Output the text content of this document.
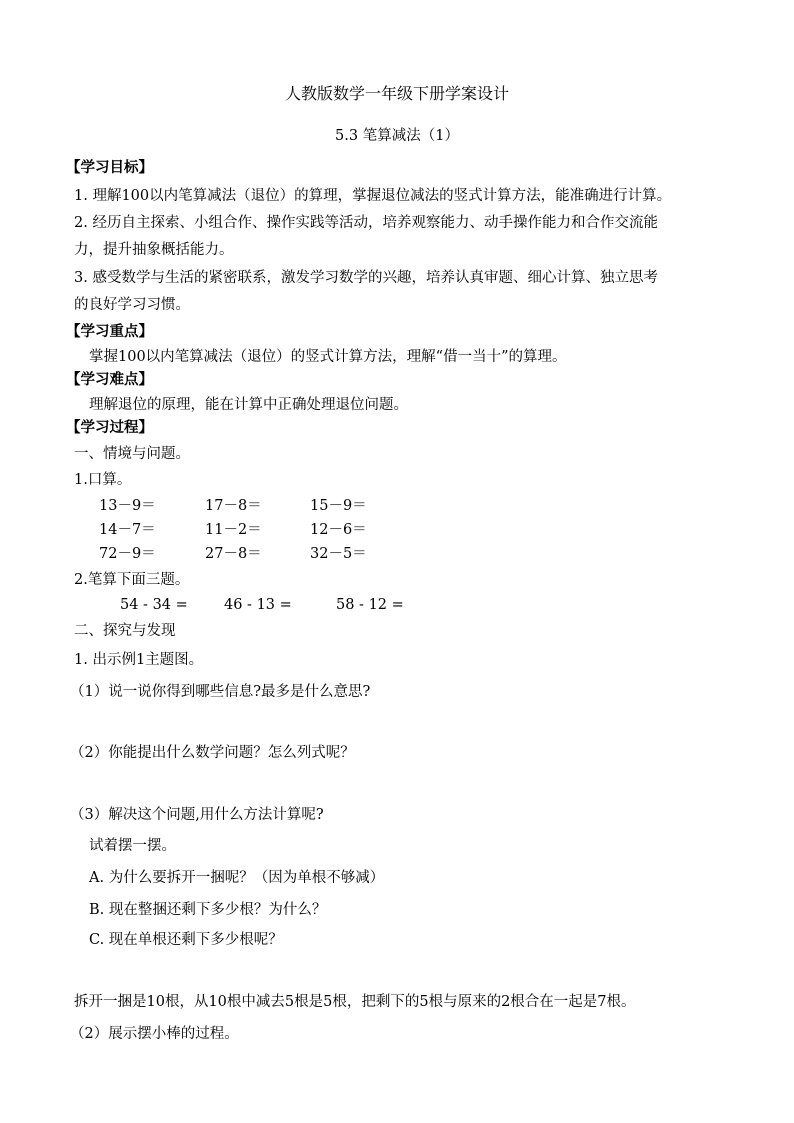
人教版数学一年级下册学案设计
5.3 笔算减法（1）
【学习目标】
1. 理解100以内笔算减法（退位）的算理，掌握退位减法的竖式计算方法，能准确进行计算。
2. 经历自主探索、小组合作、操作实践等活动，培养观察能力、动手操作能力和合作交流能
力，提升抽象概括能力。
3. 感受数学与生活的紧密联系，激发学习数学的兴趣，培养认真审题、细心计算、独立思考
的良好学习习惯。
【学习重点】
掌握100以内笔算减法（退位）的竖式计算方法，理解“借一当十”的算理。
【学习难点】
理解退位的原理，能在计算中正确处理退位问题。
【学习过程】
一、情境与问题。
1.口算。
13－9＝	17－8＝	15－9＝
14－7＝	11－2＝	12－6＝
72－9＝	27－8＝	32－5＝
2.笔算下面三题。
54 - 34 = 46 - 13 =	58 - 12 =
二、探究与发现
1. 出示例1主题图。
（1）说一说你得到哪些信息?最多是什么意思?
（2）你能提出什么数学问题？怎么列式呢？
（3）解决这个问题,用什么方法计算呢?
试着摆一摆。
A. 为什么要拆开一捆呢？（因为单根不够减）
B. 现在整捆还剩下多少根？为什么？
C. 现在单根还剩下多少根呢？
拆开一捆是10根，从10根中减去5根是5根，把剩下的5根与原来的2根合在一起是7根。
（2）展示摆小棒的过程。
